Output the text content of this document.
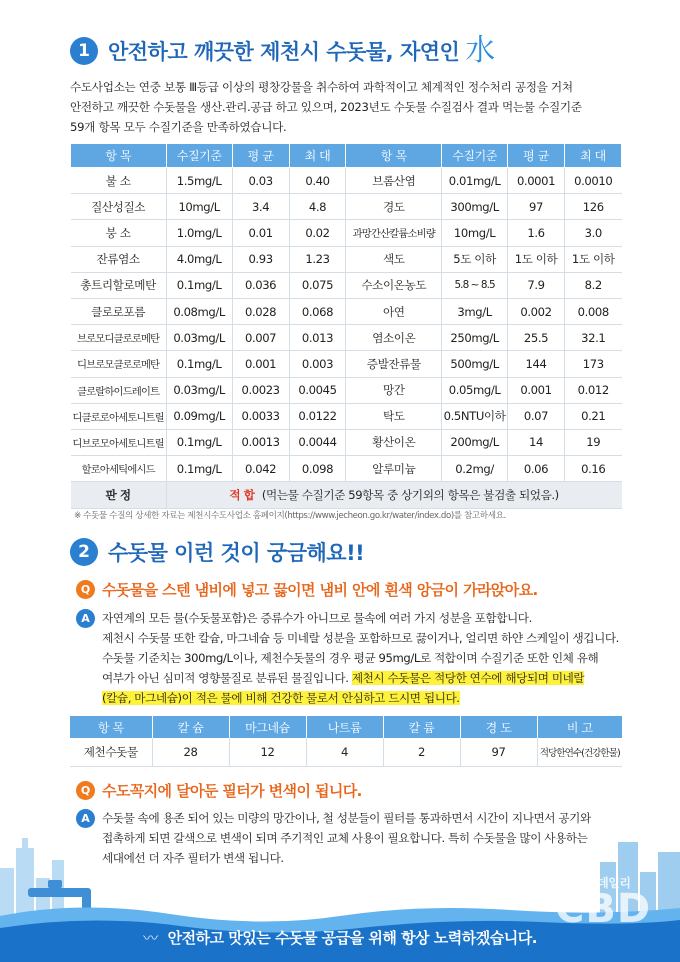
1 안전하고 깨끗한 제천시 수돗물, 자연인 水
수도사업소는 연중 보통 Ⅲ등급 이상의 평창강물을 취수하여 과학적이고 체계적인 정수처리 공정을 거쳐
안전하고 깨끗한 수돗물을 생산.관리.공급 하고 있으며, 2023년도 수돗물 수질검사 결과 먹는물 수질기준
59개 항목 모두 수질기준을 만족하였습니다.
항 목	수질기준	평 균	최 대	항 목	수질기준	평 균	최 대
불 소	1.5mg/L	0.03	0.40	브롬산염	0.01mg/L	0.0001	0.0010
질산성질소	10mg/L	3.4	4.8	경도	300mg/L	97	126
붕 소	1.0mg/L	0.01	0.02	과망간산칼륨소비량	10mg/L	1.6	3.0
잔류염소	4.0mg/L	0.93	1.23	색도	5도 이하	1도 이하	1도 이하
총트리할로메탄	0.1mg/L	0.036	0.075	수소이온농도	5.8 ~ 8.5	7.9	8.2
클로로포름	0.08mg/L	0.028	0.068	아연	3mg/L	0.002	0.008
브로모디클로로메탄	0.03mg/L	0.007	0.013	염소이온	250mg/L	25.5	32.1
디브로모클로로메탄	0.1mg/L	0.001	0.003	증발잔류물	500mg/L	144	173
클로랄하이드레이트	0.03mg/L	0.0023	0.0045	망간	0.05mg/L	0.001	0.012
디클로로아세토니트릴	0.09mg/L	0.0033	0.0122	탁도	0.5NTU이하	0.07	0.21
디브로모아세토니트릴	0.1mg/L	0.0013	0.0044	황산이온	200mg/L	14	19
할로아세틱에시드	0.1mg/L	0.042	0.098	알루미늄	0.2mg/	0.06	0.16
판 정	적 합 (먹는물 수질기준 59항목 중 상기외의 항목은 불검출 되었음.)						
※ 수돗물 수질의 상세한 자료는 제천시수도사업소 홈페이지(https://www.jecheon.go.kr/water/index.do)를 참고하세요.
2 수돗물 이런 것이 궁금해요!!
Q 수돗물을 스텐 냄비에 넣고 끓이면 냄비 안에 흰색 앙금이 가라앉아요.
A	자연계의 모든 물(수돗물포함)은 증류수가 아니므로 물속에 여러 가지 성분을 포함합니다.
제천시 수돗물 또한 칼슘, 마그네슘 등 미네랄 성분을 포함하므로 끓이거나, 얼리면 하얀 스케일이 생깁니다.
수돗물 기준치는 300mg/L이나, 제천수돗물의 경우 평균 95mg/L로 적합이며 수질기준 또한 인체 유해
여부가 아닌 심미적 영향물질로 분류된 물질입니다. 제천시 수돗물은 적당한 연수에 해당되며 미네랄
(칼슘, 마그네슘)이 적은 물에 비해 건강한 물로서 안심하고 드시면 됩니다.
항 목	칼 슘	마그네슘	나트륨	칼 륨	경 도	비 고
제천수돗물	28	12	4	2	97	적당한연수(건강한물)
Q 수도꼭지에 달아둔 필터가 변색이 됩니다.
A	수돗물 속에 용존 되어 있는 미량의 망간이나, 철 성분들이 필터를 통과하면서 시간이 지나면서 공기와
접촉하게 되면 갈색으로 변색이 되며 주기적인 교체 사용이 필요합니다. 특히 수돗물을 많이 사용하는
세대에선 더 자주 필터가 변색 됩니다.
충북데일리
CBD
〰 안전하고 맛있는 수돗물 공급을 위해 항상 노력하겠습니다.
